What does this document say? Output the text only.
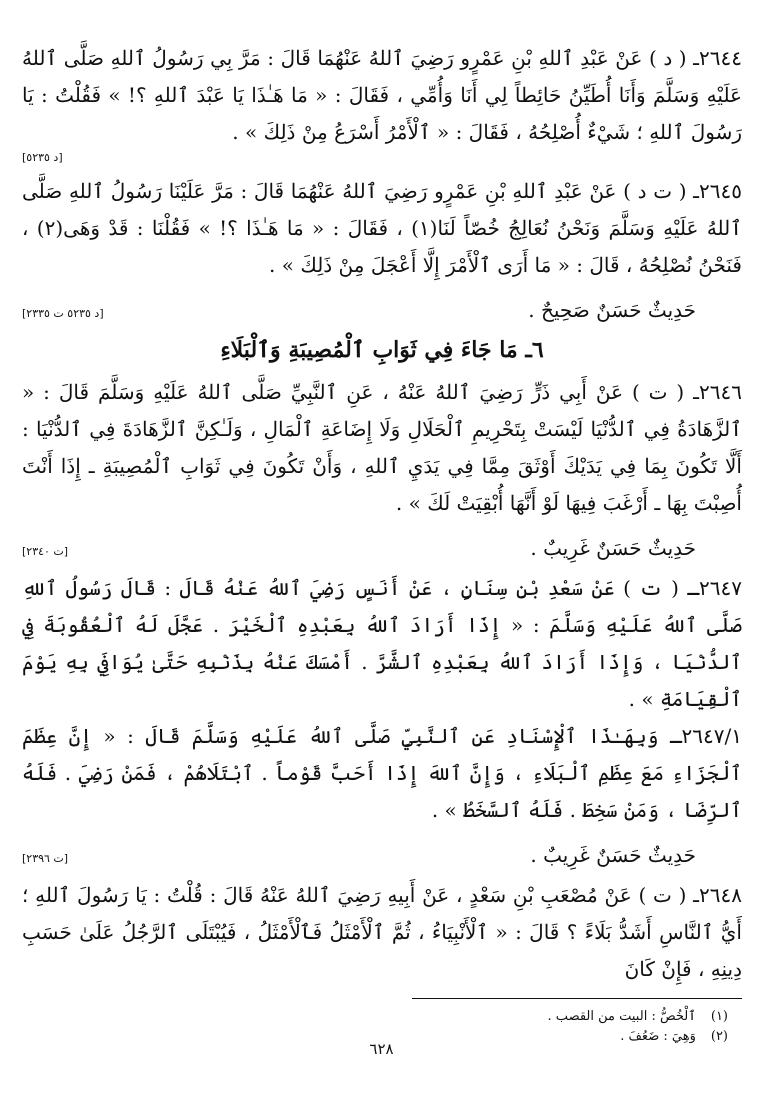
٢٦٤٤ـ ( د ) عَنْ عَبْدِ ٱللهِ بْنِ عَمْرٍو رَضِيَ ٱللهُ عَنْهُمَا قَالَ : مَرَّ بِي رَسُولُ ٱللهِ صَلَّى ٱللهُ عَلَيْهِ وَسَلَّمَ وَأَنَا أُطَيِّنُ حَائِطاً لِي أَنَا وَأُمِّي ، فَقَالَ : « مَا هَـٰذَا يَا عَبْدَ ٱللهِ ؟! » فَقُلْتُ : يَا رَسُولَ ٱللهِ ؛ شَيْءٌ أُصْلِحُهُ ، فَقَالَ : « ٱلْأَمْرُ أَسْرَعُ مِنْ ذَلِكَ » .

[د ٥٢٣٥]

٢٦٤٥ـ ( ت د ) عَنْ عَبْدِ ٱللهِ بْنِ عَمْرٍو رَضِيَ ٱللهُ عَنْهُمَا قَالَ : مَرَّ عَلَيْنَا رَسُولُ ٱللهِ صَلَّى ٱللهُ عَلَيْهِ وَسَلَّمَ وَنَحْنُ نُعَالِجُ خُصّاً لَنَا(١) ، فَقَالَ : « مَا هَـٰذَا ؟! » فَقُلْنَا : قَدْ وَهَى(٢) ، فَنَحْنُ نُصْلِحُهُ ، قَالَ : « مَا أَرَى ٱلْأَمْرَ إِلَّا أَعْجَلَ مِنْ ذَلِكَ » .

حَدِيثٌ حَسَنٌ صَحِيحٌ .
[د ٥٢٣٥ ت ٢٣٣٥]
٦ـ مَا جَاءَ فِي ثَوَابِ ٱلْمُصِيبَةِ وَٱلْبَلَاءِ

٢٦٤٦ـ ( ت ) عَنْ أَبِي ذَرٍّ رَضِيَ ٱللهُ عَنْهُ ، عَنِ ٱلنَّبِيِّ صَلَّى ٱللهُ عَلَيْهِ وَسَلَّمَ قَالَ : « ٱلزَّهَادَةُ فِي ٱلدُّنْيَا لَيْسَتْ بِتَحْرِيمِ ٱلْحَلَالِ وَلَا إِضَاعَةِ ٱلْمَالِ ، وَلَـٰكِنَّ ٱلزَّهَادَةَ فِي ٱلدُّنْيَا : أَلَّا تَكُونَ بِمَا فِي يَدَيْكَ أَوْثَقَ مِمَّا فِي يَدَيِ ٱللهِ ، وَأَنْ تَكُونَ فِي ثَوَابِ ٱلْمُصِيبَةِ ـ إِذَا أَنْتَ أُصِبْتَ بِهَا ـ أَرْغَبَ فِيهَا لَوْ أَنَّهَا أُبْقِيَتْ لَكَ » .

حَدِيثٌ حَسَنٌ غَرِيبٌ .
[ت ٢٣٤٠]

٢٦٤٧ـ ( ت ) عَنْ سَعْدِ بْنِ سِنَانٍ ، عَنْ أَنَسٍ رَضِيَ ٱللهُ عَنْهُ قَالَ : قَالَ رَسُولُ ٱللهِ صَلَّى ٱللهُ عَلَيْهِ وَسَلَّمَ : « إِذَا أَرَادَ ٱللهُ بِعَبْدِهِ ٱلْخَيْرَ . عَجَّلَ لَهُ ٱلْعُقُوبَةَ فِي ٱلدُّنْيَا ، وَإِذَا أَرَادَ ٱللهُ بِعَبْدِهِ ٱلشَّرَّ . أَمْسَكَ عَنْهُ بِذَنْبِهِ حَتَّىٰ يُوَافِيَ بِهِ يَوْمَ ٱلْقِيَامَةِ » .

٢٦٤٧/١ـ وَبِهَـٰذَا ٱلْإِسْنَادِ عَنِ ٱلنَّبِيِّ صَلَّى ٱللهُ عَلَيْهِ وَسَلَّمَ قَالَ : « إِنَّ عِظَمَ ٱلْجَزَاءِ مَعَ عِظَمِ ٱلْبَلَاءِ ، وَإِنَّ ٱللهَ إِذَا أَحَبَّ قَوْماً . ٱبْتَلَاهُمْ ، فَمَنْ رَضِيَ . فَلَهُ ٱلرِّضَا ، وَمَنْ سَخِطَ . فَلَهُ ٱلسَّخَطُ » .

حَدِيثٌ حَسَنٌ غَرِيبٌ .
[ت ٢٣٩٦]

٢٦٤٨ـ ( ت ) عَنْ مُصْعَبِ بْنِ سَعْدٍ ، عَنْ أَبِيهِ رَضِيَ ٱللهُ عَنْهُ قَالَ : قُلْتُ : يَا رَسُولَ ٱللهِ ؛ أَيُّ ٱلنَّاسِ أَشَدُّ بَلَاءً ؟ قَالَ : « ٱلْأَنْبِيَاءُ ، ثُمَّ ٱلْأَمْثَلُ فَٱلْأَمْثَلُ ، فَيُبْتَلَى ٱلرَّجُلُ عَلَىٰ حَسَبِ دِينِهِ ، فَإِنْ كَانَ

(١) ٱلْخُصُّ : البيت من القصب .

(٢) وَهِيَ : ضَعُفَ .

٦٢٨
